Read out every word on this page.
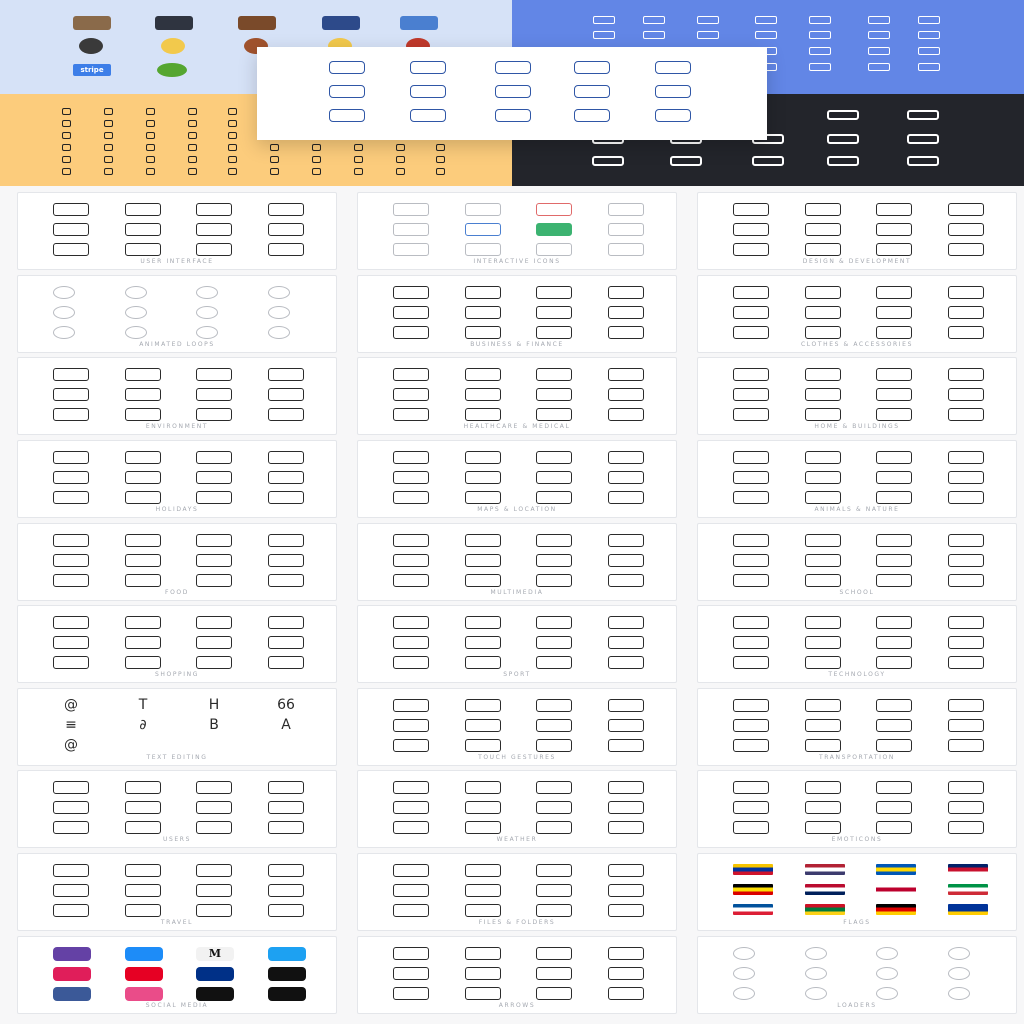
stripe
USER INTERFACE	INTERACTIVE ICONS	DESIGN & DEVELOPMENT
ANIMATED LOOPS	BUSINESS & FINANCE	CLOTHES & ACCESSORIES
ENVIRONMENT	HEALTHCARE & MEDICAL	HOME & BUILDINGS
HOLIDAYS	MAPS & LOCATION	ANIMALS & NATURE
FOOD	MULTIMEDIA	SCHOOL
SHOPPING	SPORT	TECHNOLOGY
@	T	H	66
≡	∂	B	A
@
TEXT EDITING	TOUCH GESTURES	TRANSPORTATION
USERS	WEATHER	EMOTICONS
TRAVEL	FILES & FOLDERS	FLAGS
M
SOCIAL MEDIA	ARROWS	LOADERS
